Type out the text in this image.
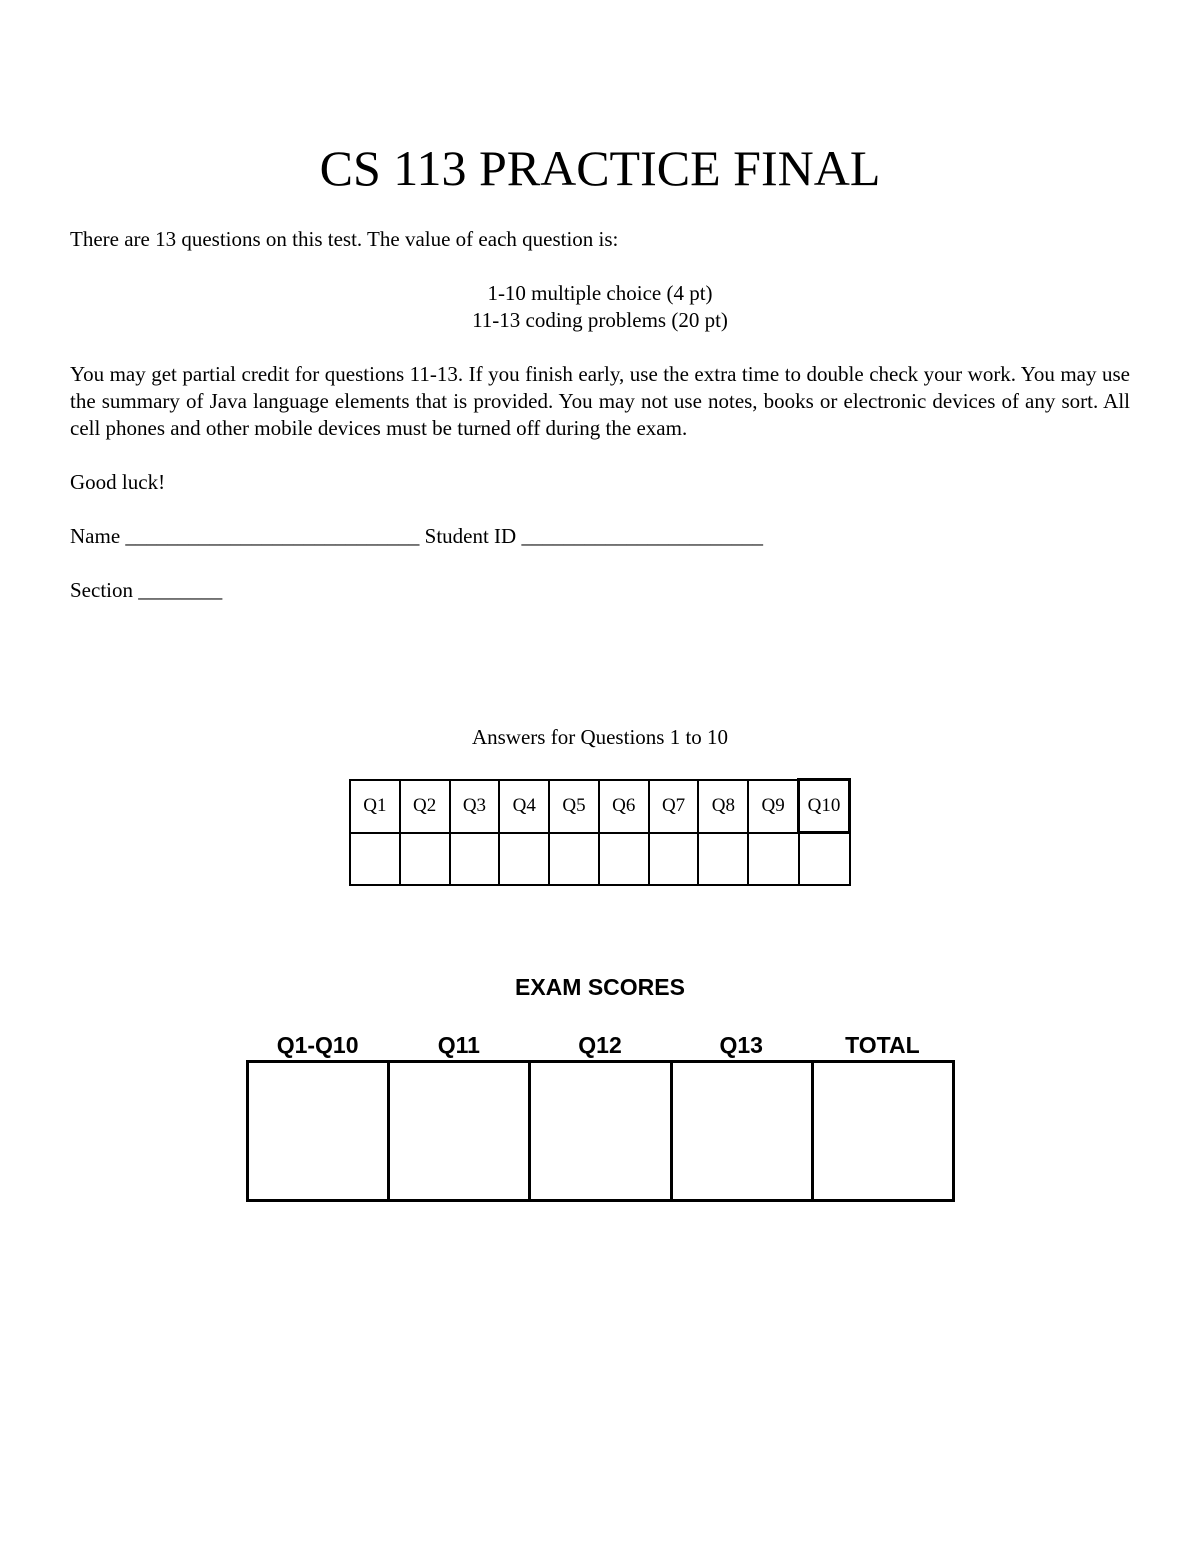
CS 113 PRACTICE FINAL
There are 13 questions on this test. The value of each question is:
1-10 multiple choice (4 pt)
11-13 coding problems (20 pt)
You may get partial credit for questions 11-13. If you finish early, use the extra time to double check your work. You may use the summary of Java language elements that is provided. You may not use notes, books or electronic devices of any sort. All cell phones and other mobile devices must be turned off during the exam.
Good luck!
Name ____________________________ Student ID _______________________
Section ________
Answers for Questions 1 to 10
Q1	Q2	Q3	Q4	Q5	Q6	Q7	Q8	Q9	Q10

EXAM SCORES
Q1-Q10	Q11	Q12	Q13	TOTAL
